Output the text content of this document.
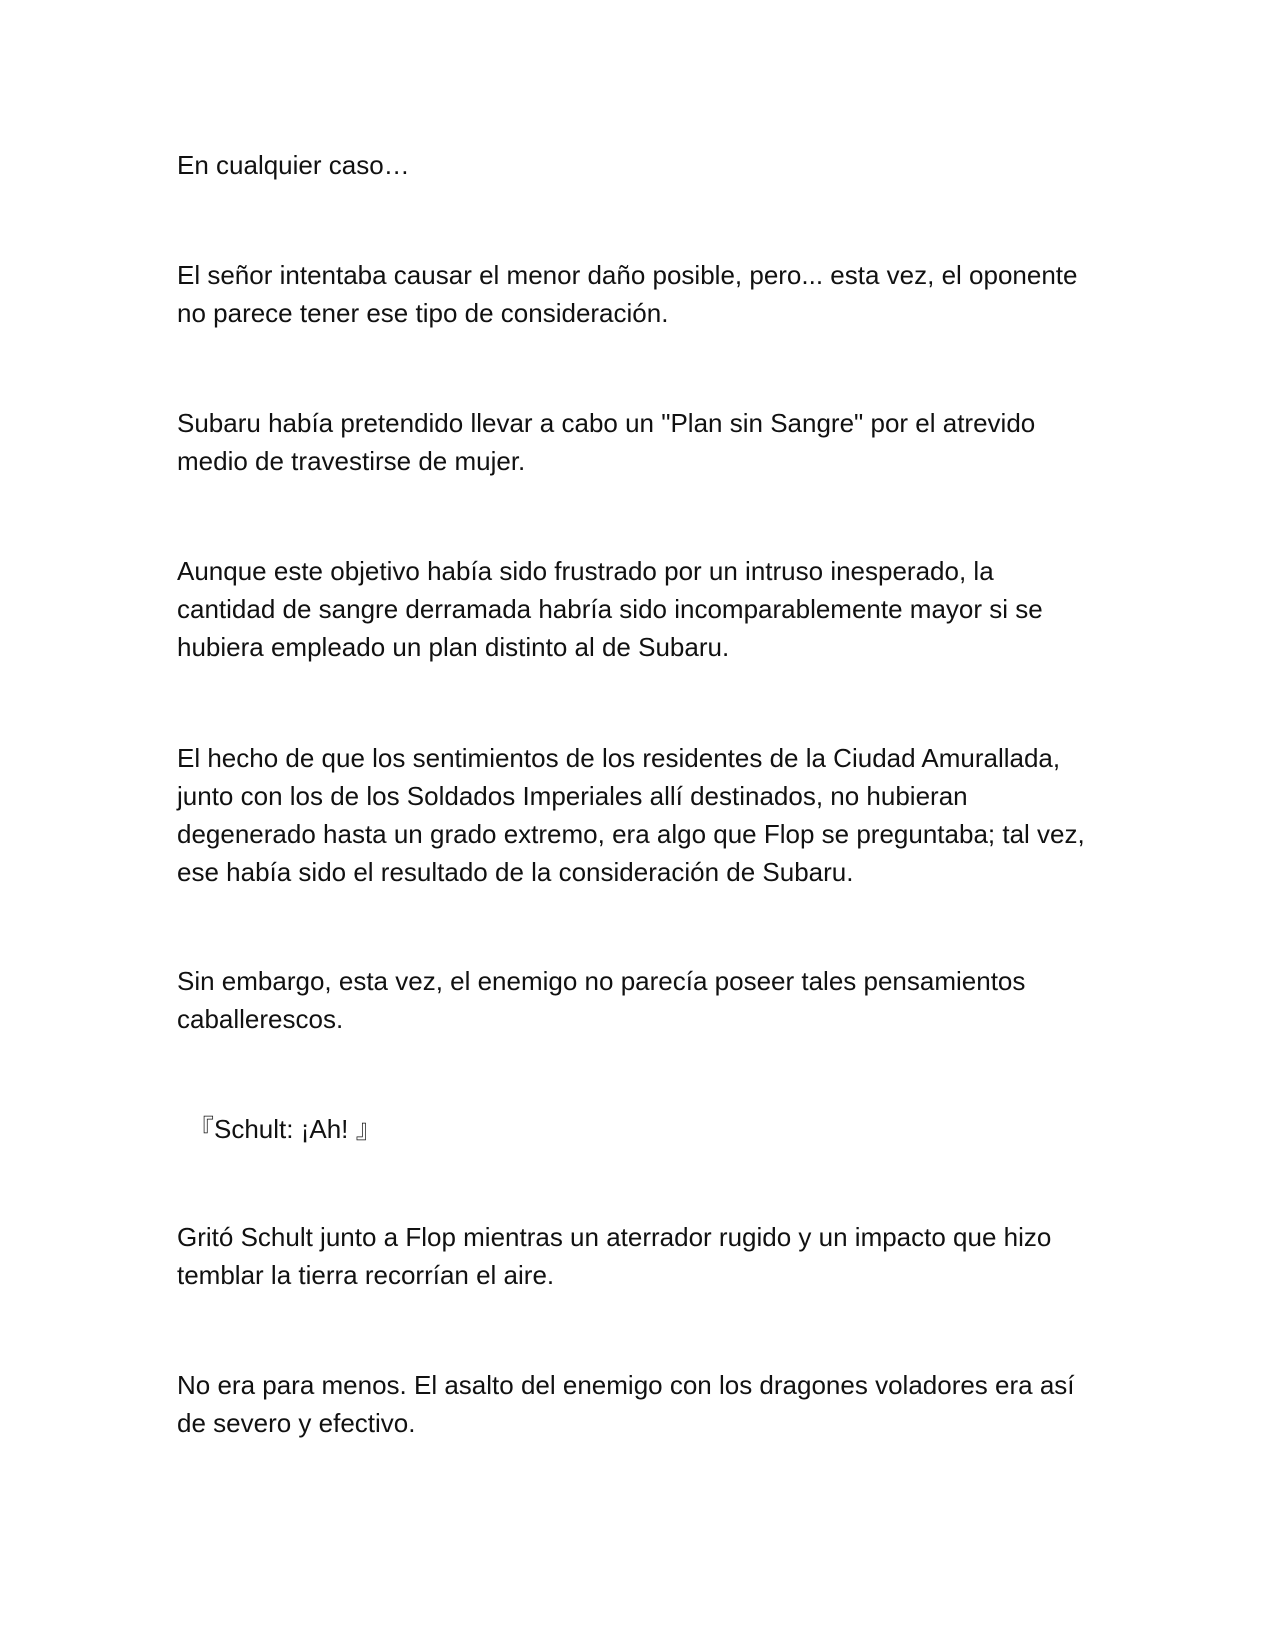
En cualquier caso…

El señor intentaba causar el menor daño posible, pero... esta vez, el oponente no parece tener ese tipo de consideración.

Subaru había pretendido llevar a cabo un "Plan sin Sangre" por el atrevido medio de travestirse de mujer.

Aunque este objetivo había sido frustrado por un intruso inesperado, la cantidad de sangre derramada habría sido incomparablemente mayor si se hubiera empleado un plan distinto al de Subaru.

El hecho de que los sentimientos de los residentes de la Ciudad Amurallada, junto con los de los Soldados Imperiales allí destinados, no hubieran degenerado hasta un grado extremo, era algo que Flop se preguntaba; tal vez, ese había sido el resultado de la consideración de Subaru.

Sin embargo, esta vez, el enemigo no parecía poseer tales pensamientos caballerescos.

『Schult: ¡Ah! 』

Gritó Schult junto a Flop mientras un aterrador rugido y un impacto que hizo temblar la tierra recorrían el aire.

No era para menos. El asalto del enemigo con los dragones voladores era así de severo y efectivo.
